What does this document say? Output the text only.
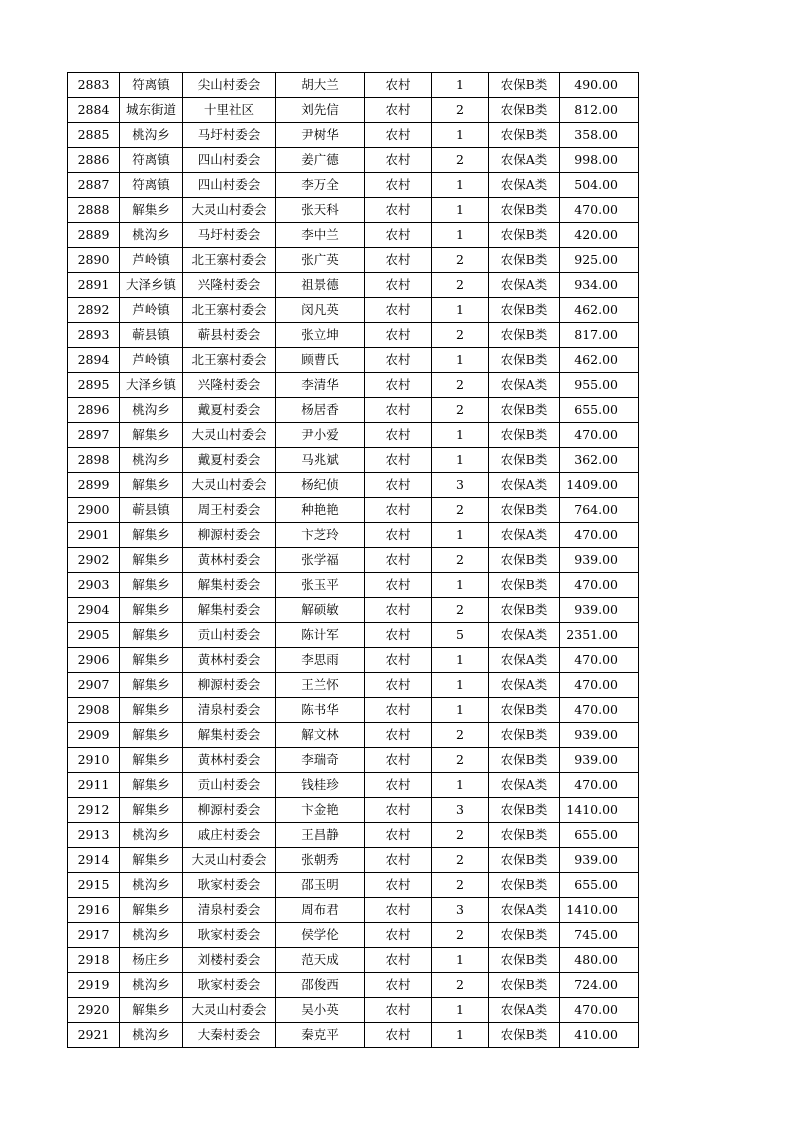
2883	符离镇	尖山村委会	胡大兰	农村	1	农保B类	490.00
2884	城东街道	十里社区	刘先信	农村	2	农保B类	812.00
2885	桃沟乡	马圩村委会	尹树华	农村	1	农保B类	358.00
2886	符离镇	四山村委会	姜广德	农村	2	农保A类	998.00
2887	符离镇	四山村委会	李万全	农村	1	农保A类	504.00
2888	解集乡	大灵山村委会	张天科	农村	1	农保B类	470.00
2889	桃沟乡	马圩村委会	李中兰	农村	1	农保B类	420.00
2890	芦岭镇	北王寨村委会	张广英	农村	2	农保B类	925.00
2891	大泽乡镇	兴隆村委会	祖景德	农村	2	农保A类	934.00
2892	芦岭镇	北王寨村委会	闵凡英	农村	1	农保B类	462.00
2893	蕲县镇	蕲县村委会	张立坤	农村	2	农保B类	817.00
2894	芦岭镇	北王寨村委会	顾曹氏	农村	1	农保B类	462.00
2895	大泽乡镇	兴隆村委会	李清华	农村	2	农保A类	955.00
2896	桃沟乡	戴夏村委会	杨居香	农村	2	农保B类	655.00
2897	解集乡	大灵山村委会	尹小爱	农村	1	农保B类	470.00
2898	桃沟乡	戴夏村委会	马兆斌	农村	1	农保B类	362.00
2899	解集乡	大灵山村委会	杨纪侦	农村	3	农保A类	1409.00
2900	蕲县镇	周王村委会	种艳艳	农村	2	农保B类	764.00
2901	解集乡	柳源村委会	卞芝玲	农村	1	农保A类	470.00
2902	解集乡	黄林村委会	张学福	农村	2	农保B类	939.00
2903	解集乡	解集村委会	张玉平	农村	1	农保B类	470.00
2904	解集乡	解集村委会	解硕敏	农村	2	农保B类	939.00
2905	解集乡	贡山村委会	陈计军	农村	5	农保A类	2351.00
2906	解集乡	黄林村委会	李思雨	农村	1	农保A类	470.00
2907	解集乡	柳源村委会	王兰怀	农村	1	农保A类	470.00
2908	解集乡	清泉村委会	陈书华	农村	1	农保B类	470.00
2909	解集乡	解集村委会	解文林	农村	2	农保B类	939.00
2910	解集乡	黄林村委会	李瑞奇	农村	2	农保B类	939.00
2911	解集乡	贡山村委会	钱桂珍	农村	1	农保A类	470.00
2912	解集乡	柳源村委会	卞金艳	农村	3	农保B类	1410.00
2913	桃沟乡	戚庄村委会	王昌静	农村	2	农保B类	655.00
2914	解集乡	大灵山村委会	张朝秀	农村	2	农保B类	939.00
2915	桃沟乡	耿家村委会	邵玉明	农村	2	农保B类	655.00
2916	解集乡	清泉村委会	周布君	农村	3	农保A类	1410.00
2917	桃沟乡	耿家村委会	侯学伦	农村	2	农保B类	745.00
2918	杨庄乡	刘楼村委会	范天成	农村	1	农保B类	480.00
2919	桃沟乡	耿家村委会	邵俊西	农村	2	农保B类	724.00
2920	解集乡	大灵山村委会	吴小英	农村	1	农保A类	470.00
2921	桃沟乡	大秦村委会	秦克平	农村	1	农保B类	410.00
